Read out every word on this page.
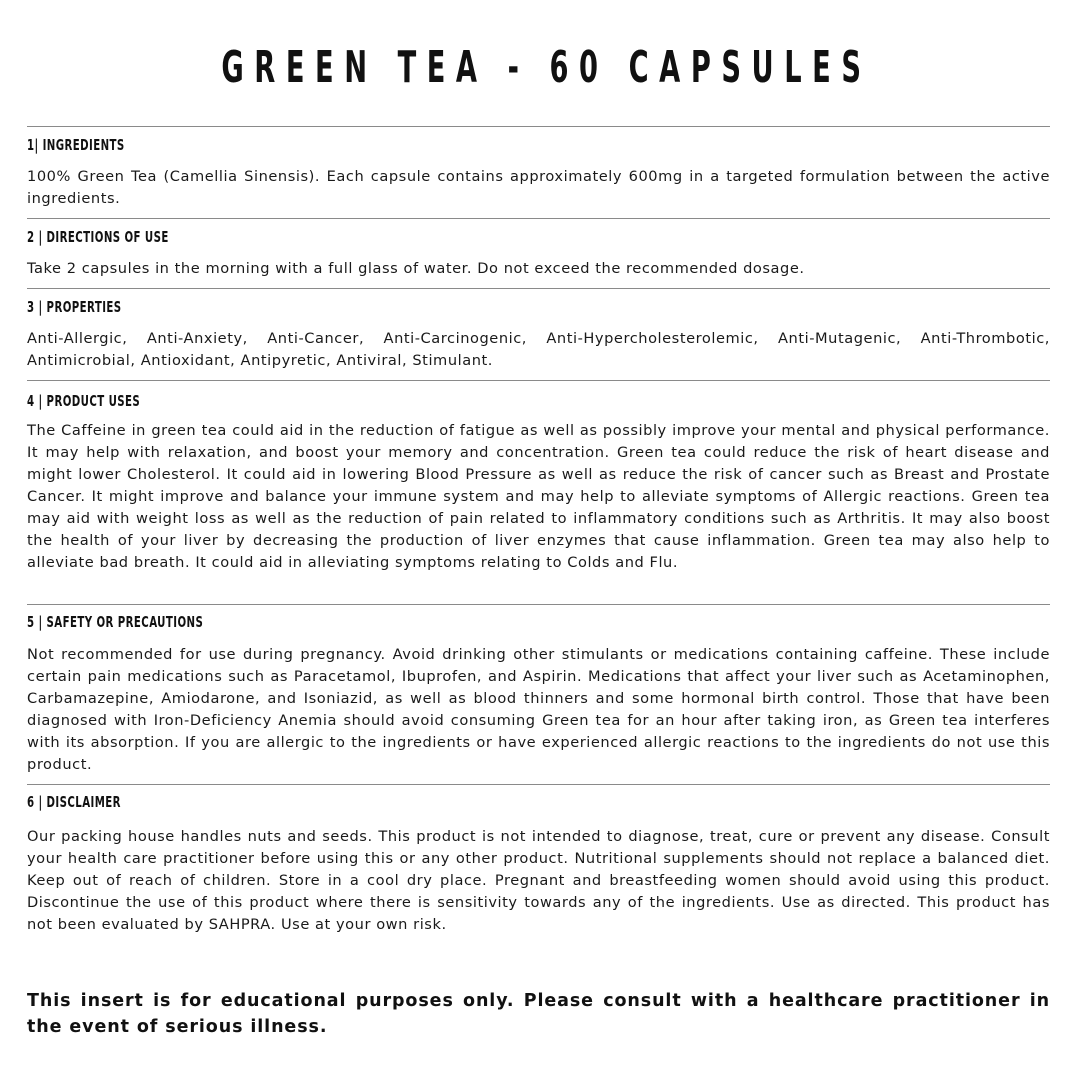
GREEN TEA - 60 CAPSULES
1| INGREDIENTS
100% Green Tea (Camellia Sinensis). Each capsule contains approximately 600mg in a targeted formulation between the active ingredients.
2 | DIRECTIONS OF USE
Take 2 capsules in the morning with a full glass of water. Do not exceed the recommended dosage.
3 | PROPERTIES
Anti-Allergic, Anti-Anxiety, Anti-Cancer, Anti-Carcinogenic, Anti-Hypercholesterolemic, Anti-Mutagenic, Anti-Thrombotic, Antimicrobial, Antioxidant, Antipyretic, Antiviral, Stimulant.
4 | PRODUCT USES
The Caffeine in green tea could aid in the reduction of fatigue as well as possibly improve your mental and physical performance. It may help with relaxation, and boost your memory and concentration. Green tea could reduce the risk of heart disease and might lower Cholesterol. It could aid in lowering Blood Pressure as well as reduce the risk of cancer such as Breast and Prostate Cancer. It might improve and balance your immune system and may help to alleviate symptoms of Allergic reactions. Green tea may aid with weight loss as well as the reduction of pain related to inflammatory conditions such as Arthritis. It may also boost the health of your liver by decreasing the production of liver enzymes that cause inflammation. Green tea may also help to alleviate bad breath. It could aid in alleviating symptoms relating to Colds and Flu.
5 | SAFETY OR PRECAUTIONS
Not recommended for use during pregnancy. Avoid drinking other stimulants or medications containing caffeine. These include certain pain medications such as Paracetamol, Ibuprofen, and Aspirin. Medications that affect your liver such as Acetaminophen, Carbamazepine, Amiodarone, and Isoniazid, as well as blood thinners and some hormonal birth control. Those that have been diagnosed with Iron-Deficiency Anemia should avoid consuming Green tea for an hour after taking iron, as Green tea interferes with its absorption. If you are allergic to the ingredients or have experienced allergic reactions to the ingredients do not use this product.
6 | DISCLAIMER
Our packing house handles nuts and seeds. This product is not intended to diagnose, treat, cure or prevent any disease. Consult your health care practitioner before using this or any other product. Nutritional supplements should not replace a balanced diet. Keep out of reach of children. Store in a cool dry place. Pregnant and breastfeeding women should avoid using this product. Discontinue the use of this product where there is sensitivity towards any of the ingredients. Use as directed. This product has not been evaluated by SAHPRA. Use at your own risk.
This insert is for educational purposes only. Please consult with a healthcare practitioner in the event of serious illness.
